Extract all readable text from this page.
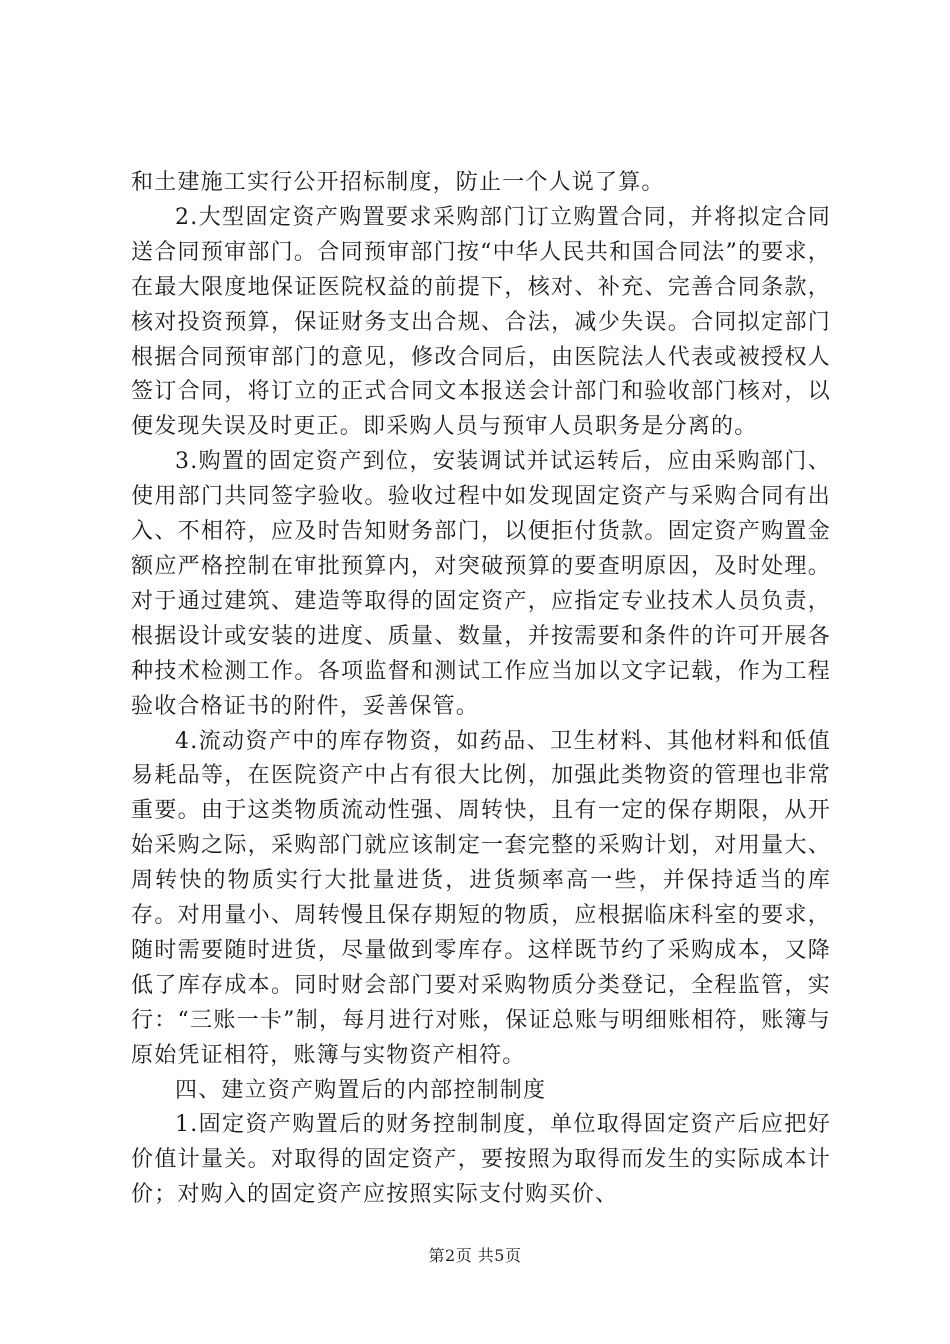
和土建施工实行公开招标制度，防止一个人说了算。

2.大型固定资产购置要求采购部门订立购置合同，并将拟定合同送合同预审部门。合同预审部门按“中华人民共和国合同法”的要求，在最大限度地保证医院权益的前提下，核对、补充、完善合同条款，核对投资预算，保证财务支出合规、合法，减少失误。合同拟定部门根据合同预审部门的意见，修改合同后，由医院法人代表或被授权人签订合同，将订立的正式合同文本报送会计部门和验收部门核对，以便发现失误及时更正。即采购人员与预审人员职务是分离的。

3.购置的固定资产到位，安装调试并试运转后，应由采购部门、使用部门共同签字验收。验收过程中如发现固定资产与采购合同有出入、不相符，应及时告知财务部门，以便拒付货款。固定资产购置金额应严格控制在审批预算内，对突破预算的要查明原因，及时处理。对于通过建筑、建造等取得的固定资产，应指定专业技术人员负责，根据设计或安装的进度、质量、数量，并按需要和条件的许可开展各种技术检测工作。各项监督和测试工作应当加以文字记载，作为工程验收合格证书的附件，妥善保管。

4.流动资产中的库存物资，如药品、卫生材料、其他材料和低值易耗品等，在医院资产中占有很大比例，加强此类物资的管理也非常重要。由于这类物质流动性强、周转快，且有一定的保存期限，从开始采购之际，采购部门就应该制定一套完整的采购计划，对用量大、周转快的物质实行大批量进货，进货频率高一些，并保持适当的库存。对用量小、周转慢且保存期短的物质，应根据临床科室的要求，随时需要随时进货，尽量做到零库存。这样既节约了采购成本，又降低了库存成本。同时财会部门要对采购物质分类登记，全程监管，实行：“三账一卡”制，每月进行对账，保证总账与明细账相符，账簿与原始凭证相符，账簿与实物资产相符。

四、建立资产购置后的内部控制制度

1.固定资产购置后的财务控制制度，单位取得固定资产后应把好价值计量关。对取得的固定资产，要按照为取得而发生的实际成本计价；对购入的固定资产应按照实际支付购买价、

第2页 共5页
